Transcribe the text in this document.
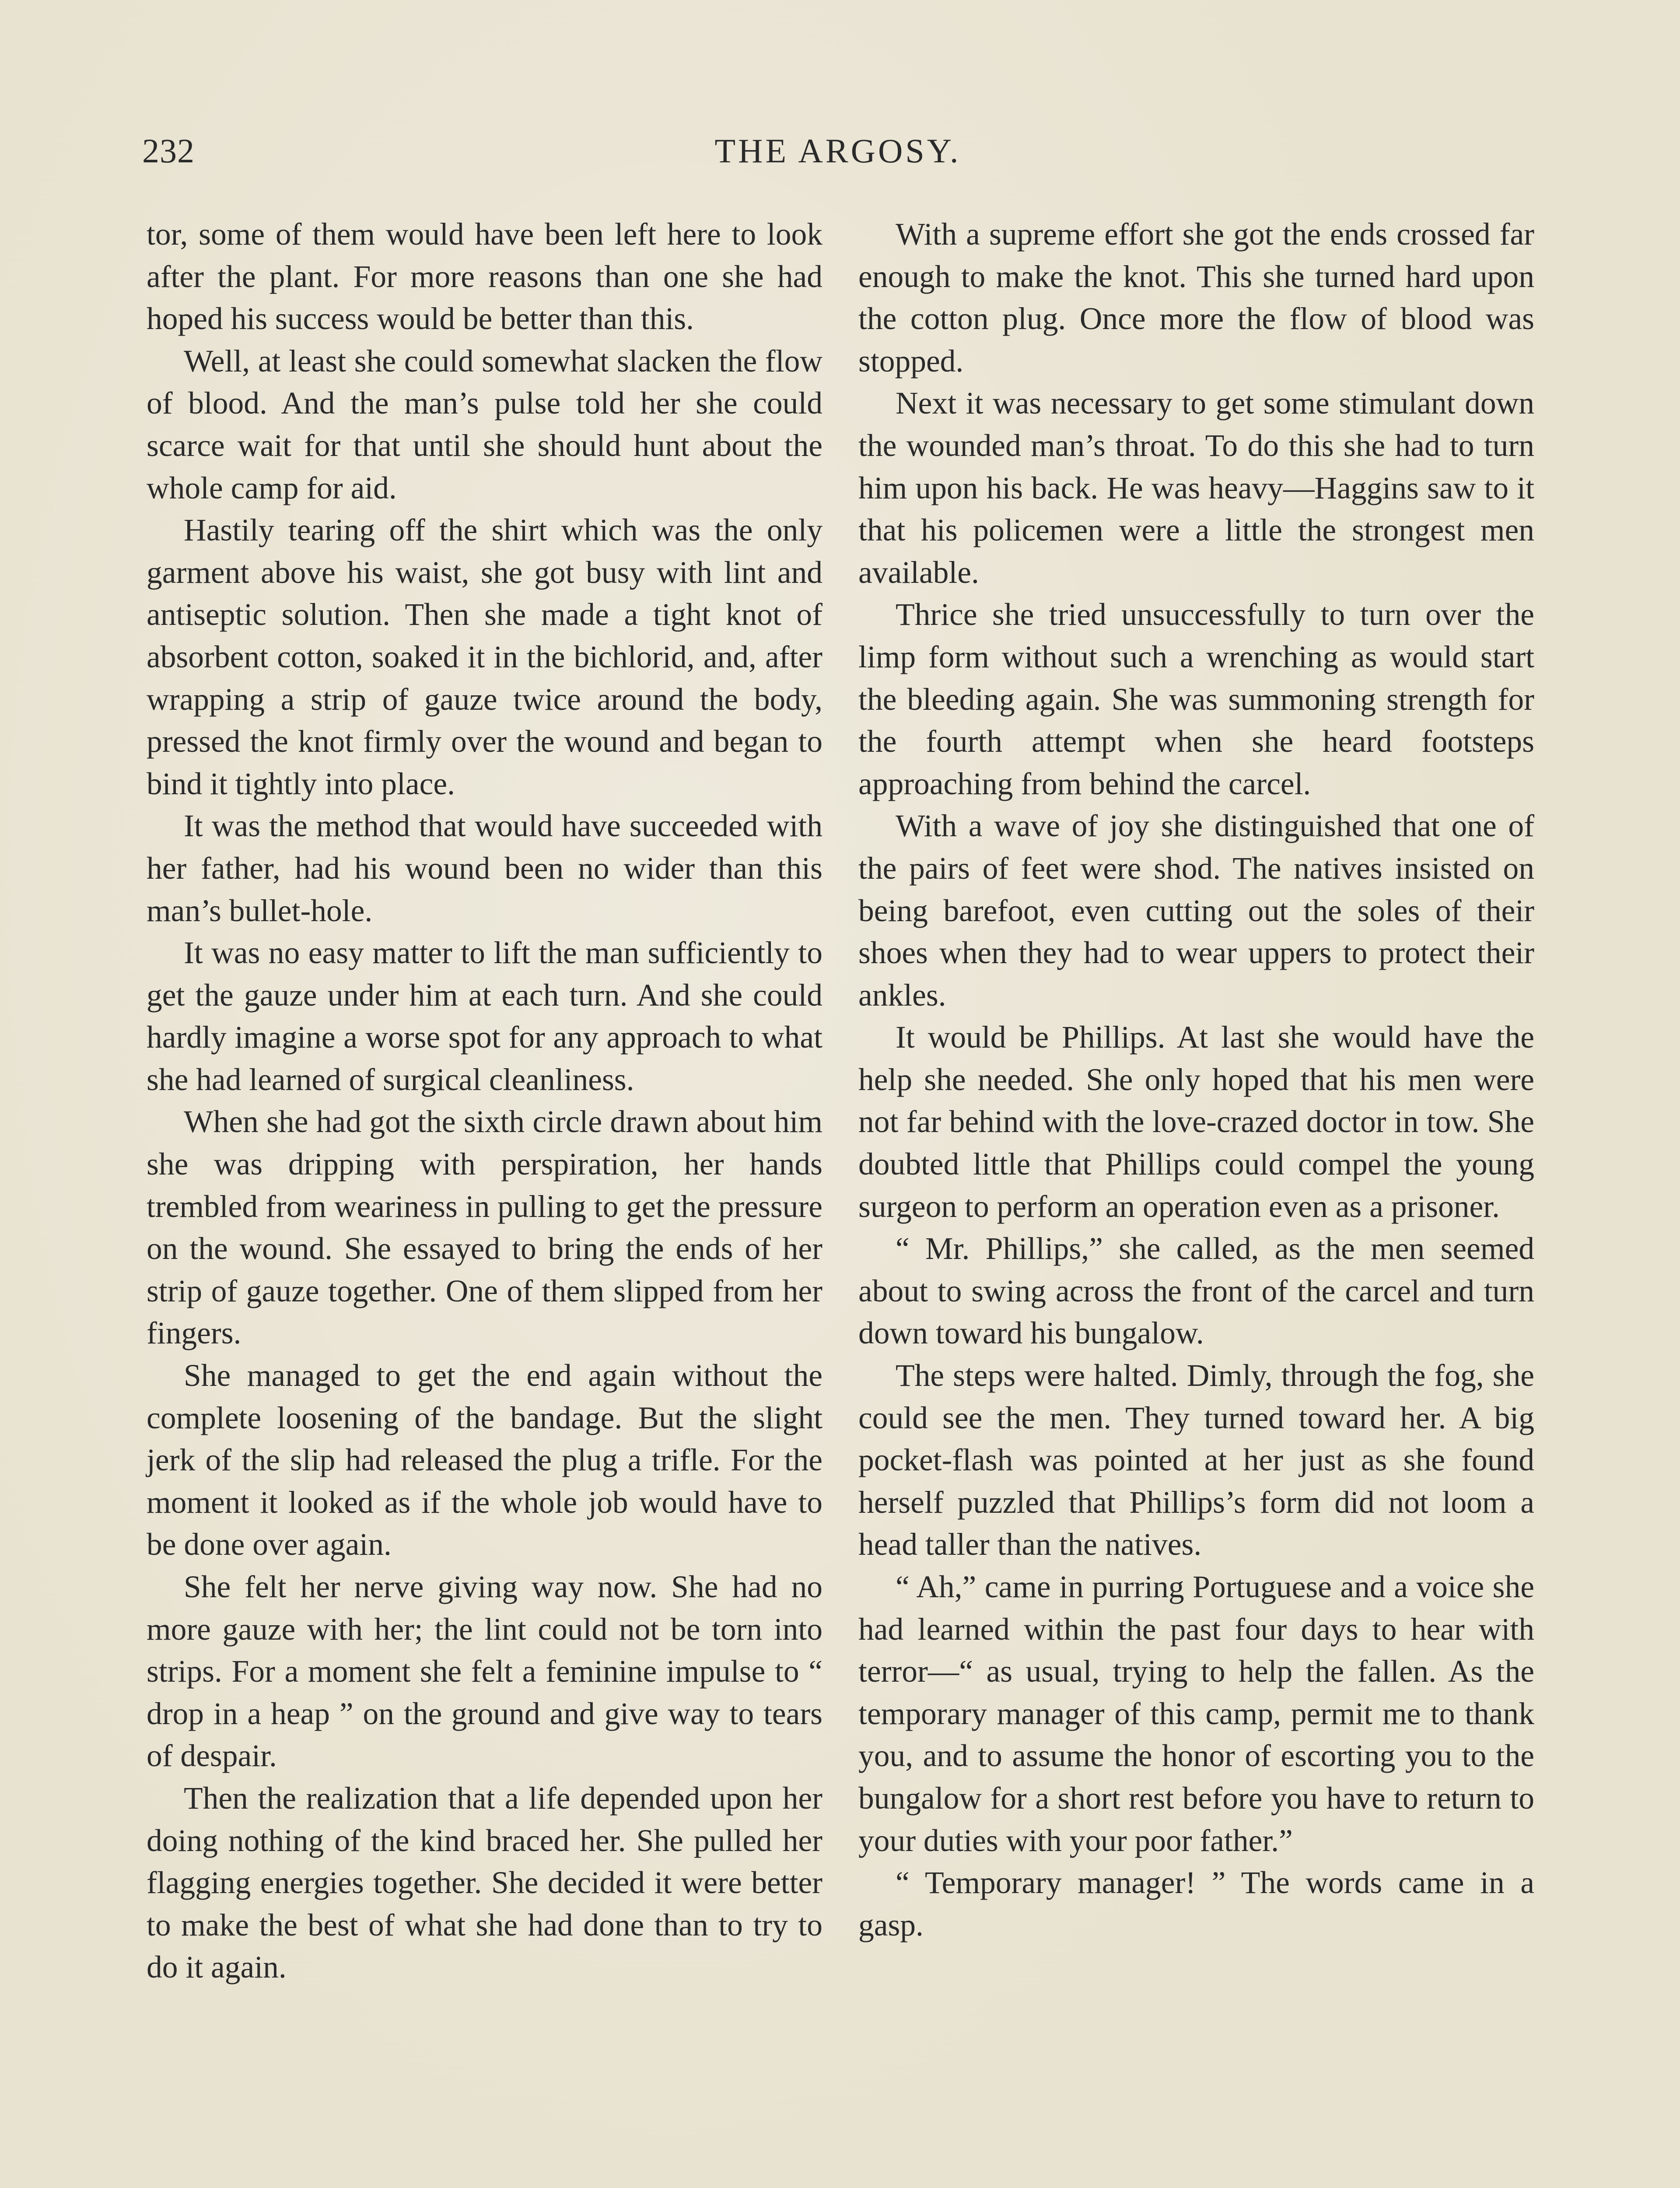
232	THE ARGOSY.

tor, some of them would have been left here to look after the plant. For more reasons than one she had hoped his success would be better than this.

Well, at least she could somewhat slacken the flow of blood. And the man’s pulse told her she could scarce wait for that until she should hunt about the whole camp for aid.

Hastily tearing off the shirt which was the only garment above his waist, she got busy with lint and antiseptic solution. Then she made a tight knot of absorbent cotton, soaked it in the bichlorid, and, after wrapping a strip of gauze twice around the body, pressed the knot firmly over the wound and began to bind it tightly into place.

It was the method that would have succeeded with her father, had his wound been no wider than this man’s bullet-hole.

It was no easy matter to lift the man sufficiently to get the gauze under him at each turn. And she could hardly imagine a worse spot for any approach to what she had learned of surgical cleanliness.

When she had got the sixth circle drawn about him she was dripping with perspiration, her hands trembled from weariness in pulling to get the pressure on the wound. She essayed to bring the ends of her strip of gauze together. One of them slipped from her fingers.

She managed to get the end again without the complete loosening of the bandage. But the slight jerk of the slip had released the plug a trifle. For the moment it looked as if the whole job would have to be done over again.

She felt her nerve giving way now. She had no more gauze with her; the lint could not be torn into strips. For a moment she felt a feminine impulse to “ drop in a heap ” on the ground and give way to tears of despair.

Then the realization that a life depended upon her doing nothing of the kind braced her. She pulled her flagging energies together. She decided it were better to make the best of what she had done than to try to do it again.

With a supreme effort she got the ends crossed far enough to make the knot. This she turned hard upon the cotton plug. Once more the flow of blood was stopped.

Next it was necessary to get some stimulant down the wounded man’s throat. To do this she had to turn him upon his back. He was heavy—Haggins saw to it that his policemen were a little the strongest men available.

Thrice she tried unsuccessfully to turn over the limp form without such a wrenching as would start the bleeding again. She was summoning strength for the fourth attempt when she heard footsteps approaching from behind the carcel.

With a wave of joy she distinguished that one of the pairs of feet were shod. The natives insisted on being barefoot, even cutting out the soles of their shoes when they had to wear uppers to protect their ankles.

It would be Phillips. At last she would have the help she needed. She only hoped that his men were not far behind with the love-crazed doctor in tow. She doubted little that Phillips could compel the young surgeon to perform an operation even as a prisoner.

“ Mr. Phillips,” she called, as the men seemed about to swing across the front of the carcel and turn down toward his bungalow.

The steps were halted. Dimly, through the fog, she could see the men. They turned toward her. A big pocket-flash was pointed at her just as she found herself puzzled that Phillips’s form did not loom a head taller than the natives.

“ Ah,” came in purring Portuguese and a voice she had learned within the past four days to hear with terror—“ as usual, trying to help the fallen. As the temporary manager of this camp, permit me to thank you, and to assume the honor of escorting you to the bungalow for a short rest before you have to return to your duties with your poor father.”

“ Temporary manager! ” The words came in a gasp.
